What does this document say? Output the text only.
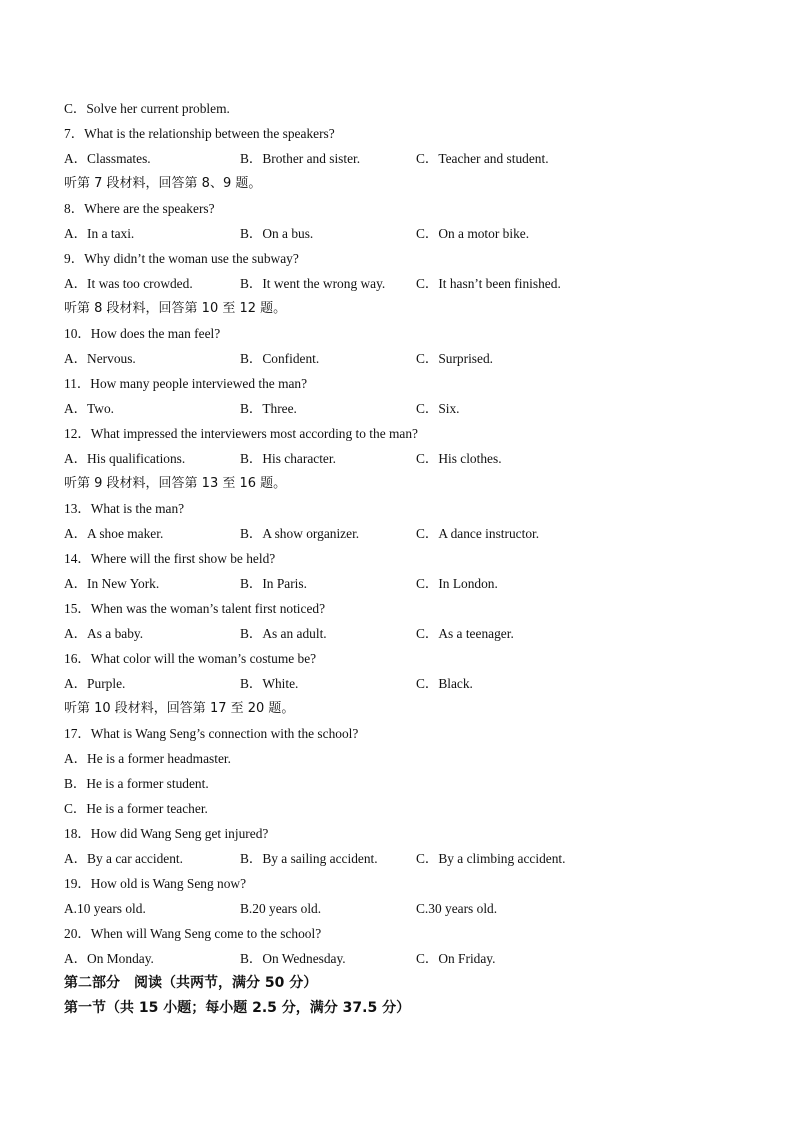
C．Solve her current problem.
7．What is the relationship between the speakers?
A．Classmates.	B．Brother and sister.	C．Teacher and student.
听第 7 段材料，回答第 8、9 题。
8．Where are the speakers?
A．In a taxi.	B．On a bus.	C．On a motor bike.
9．Why didn’t the woman use the subway?
A．It was too crowded.	B．It went the wrong way. C．It hasn’t been finished.
听第 8 段材料，回答第 10 至 12 题。
10．How does the man feel?
A．Nervous.	B．Confident.	C．Surprised.
11．How many people interviewed the man?
A．Two.	B．Three.	C．Six.
12．What impressed the interviewers most according to the man?
A．His qualifications.	B．His character.	C．His clothes.
听第 9 段材料，回答第 13 至 16 题。
13．What is the man?
A．A shoe maker.	B．A show organizer.	C．A dance instructor.
14．Where will the first show be held?
A．In New York.	B．In Paris.	C．In London.
15．When was the woman’s talent first noticed?
A．As a baby.	B．As an adult.	C．As a teenager.
16．What color will the woman’s costume be?
A．Purple.	B．White.	C．Black.
听第 10 段材料，回答第 17 至 20 题。
17．What is Wang Seng’s connection with the school?
A．He is a former headmaster.
B．He is a former student.
C．He is a former teacher.
18．How did Wang Seng get injured?
A．By a car accident.	B．By a sailing accident.	C．By a climbing accident.
19．How old is Wang Seng now?
A.10 years old.	B.20 years old.	C.30 years old.
20．When will Wang Seng come to the school?
A．On Monday.	B．On Wednesday.	C．On Friday.
第二部分 阅读（共两节，满分 50 分）
第一节（共 15 小题；每小题 2.5 分，满分 37.5 分）
